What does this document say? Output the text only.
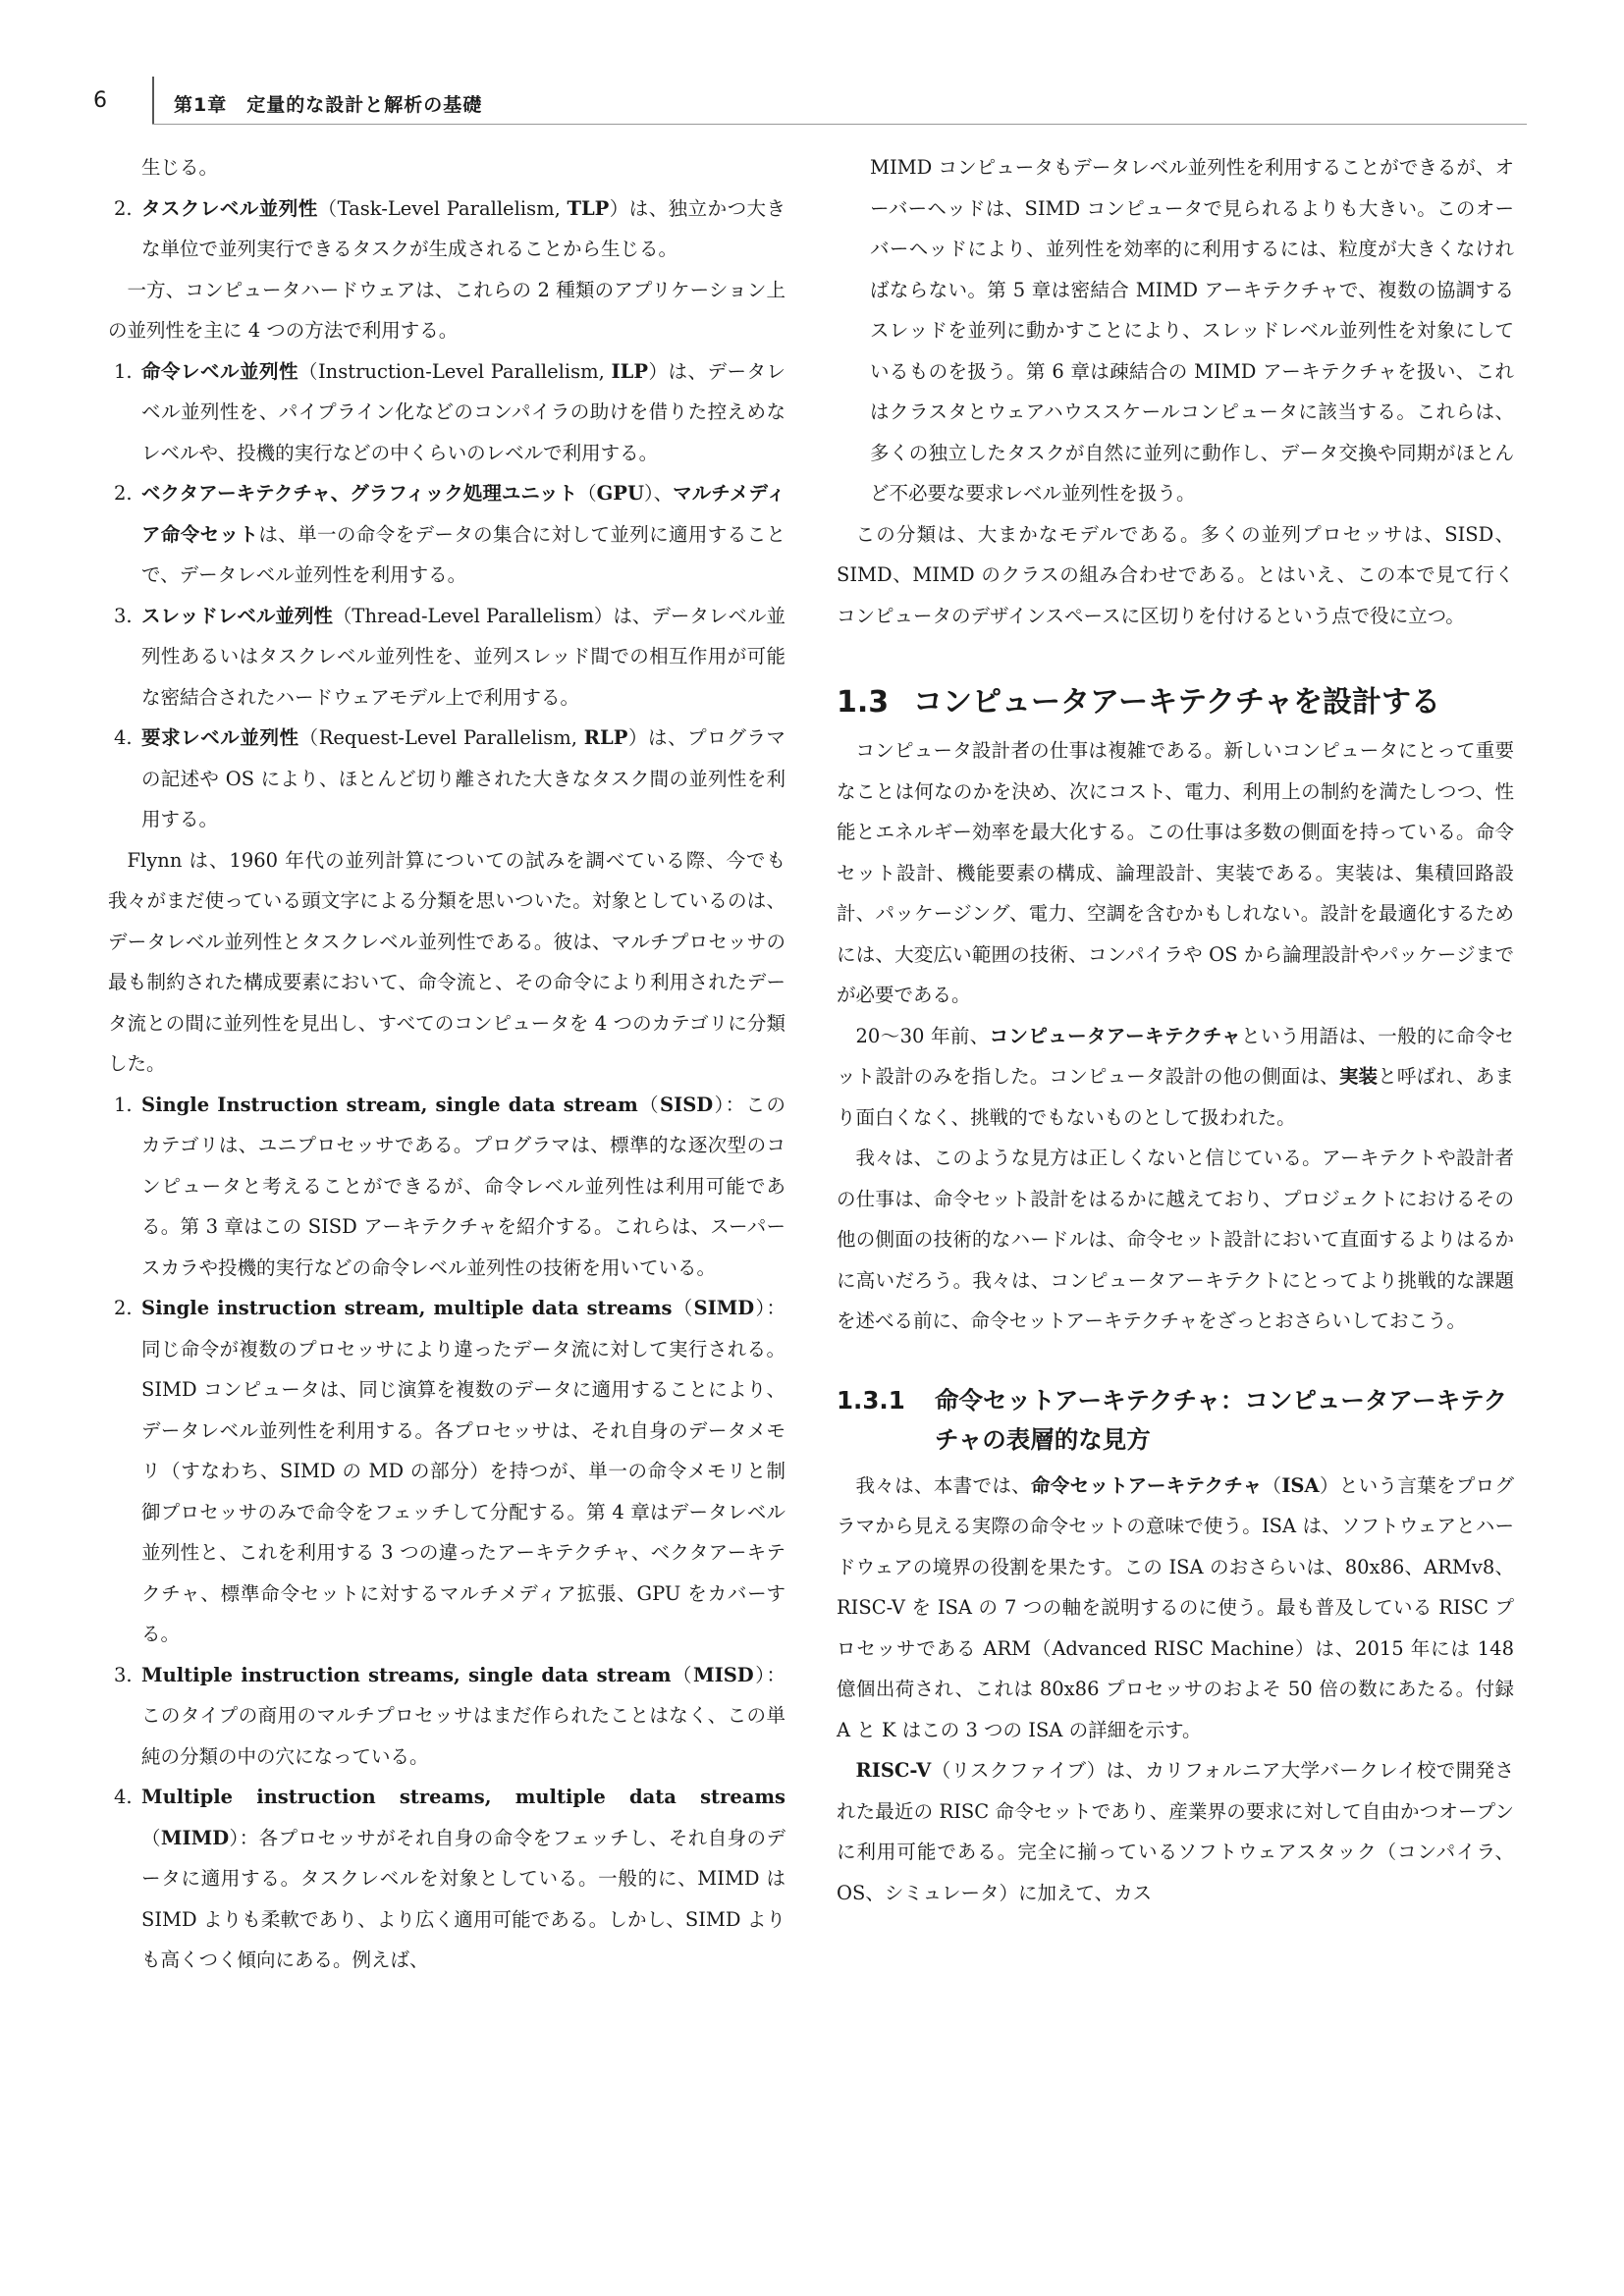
6	第1章　定量的な設計と解析の基礎

生じる。

2. タスクレベル並列性（Task-Level Parallelism, TLP）は、独立かつ大きな単位で並列実行できるタスクが生成されることから生じる。

一方、コンピュータハードウェアは、これらの 2 種類のアプリケーション上の並列性を主に 4 つの方法で利用する。

1. 命令レベル並列性（Instruction-Level Parallelism, ILP）は、データレベル並列性を、パイプライン化などのコンパイラの助けを借りた控えめなレベルや、投機的実行などの中くらいのレベルで利用する。
2. ベクタアーキテクチャ、グラフィック処理ユニット（GPU）、マルチメディア命令セットは、単一の命令をデータの集合に対して並列に適用することで、データレベル並列性を利用する。
3. スレッドレベル並列性（Thread-Level Parallelism）は、データレベル並列性あるいはタスクレベル並列性を、並列スレッド間での相互作用が可能な密結合されたハードウェアモデル上で利用する。
4. 要求レベル並列性（Request-Level Parallelism, RLP）は、プログラマの記述や OS により、ほとんど切り離された大きなタスク間の並列性を利用する。

Flynn は、1960 年代の並列計算についての試みを調べている際、今でも我々がまだ使っている頭文字による分類を思いついた。対象としているのは、データレベル並列性とタスクレベル並列性である。彼は、マルチプロセッサの最も制約された構成要素において、命令流と、その命令により利用されたデータ流との間に並列性を見出し、すべてのコンピュータを 4 つのカテゴリに分類した。

1. Single Instruction stream, single data stream（SISD）：このカテゴリは、ユニプロセッサである。プログラマは、標準的な逐次型のコンピュータと考えることができるが、命令レベル並列性は利用可能である。第 3 章はこの SISD アーキテクチャを紹介する。これらは、スーパースカラや投機的実行などの命令レベル並列性の技術を用いている。
2. Single instruction stream, multiple data streams（SIMD）：同じ命令が複数のプロセッサにより違ったデータ流に対して実行される。SIMD コンピュータは、同じ演算を複数のデータに適用することにより、データレベル並列性を利用する。各プロセッサは、それ自身のデータメモリ（すなわち、SIMD の MD の部分）を持つが、単一の命令メモリと制御プロセッサのみで命令をフェッチして分配する。第 4 章はデータレベル並列性と、これを利用する 3 つの違ったアーキテクチャ、ベクタアーキテクチャ、標準命令セットに対するマルチメディア拡張、GPU をカバーする。
3. Multiple instruction streams, single data stream（MISD）：このタイプの商用のマルチプロセッサはまだ作られたことはなく、この単純の分類の中の穴になっている。
4. Multiple instruction streams, multiple data streams（MIMD）：各プロセッサがそれ自身の命令をフェッチし、それ自身のデータに適用する。タスクレベルを対象としている。一般的に、MIMD は SIMD よりも柔軟であり、より広く適用可能である。しかし、SIMD よりも高くつく傾向にある。例えば、

MIMD コンピュータもデータレベル並列性を利用することができるが、オーバーヘッドは、SIMD コンピュータで見られるよりも大きい。このオーバーヘッドにより、並列性を効率的に利用するには、粒度が大きくなければならない。第 5 章は密結合 MIMD アーキテクチャで、複数の協調するスレッドを並列に動かすことにより、スレッドレベル並列性を対象にしているものを扱う。第 6 章は疎結合の MIMD アーキテクチャを扱い、これはクラスタとウェアハウススケールコンピュータに該当する。これらは、多くの独立したタスクが自然に並列に動作し、データ交換や同期がほとんど不必要な要求レベル並列性を扱う。

この分類は、大まかなモデルである。多くの並列プロセッサは、SISD、SIMD、MIMD のクラスの組み合わせである。とはいえ、この本で見て行くコンピュータのデザインスペースに区切りを付けるという点で役に立つ。

1.3 コンピュータアーキテクチャを設計する

コンピュータ設計者の仕事は複雑である。新しいコンピュータにとって重要なことは何なのかを決め、次にコスト、電力、利用上の制約を満たしつつ、性能とエネルギー効率を最大化する。この仕事は多数の側面を持っている。命令セット設計、機能要素の構成、論理設計、実装である。実装は、集積回路設計、パッケージング、電力、空調を含むかもしれない。設計を最適化するためには、大変広い範囲の技術、コンパイラや OS から論理設計やパッケージまでが必要である。

20〜30 年前、コンピュータアーキテクチャという用語は、一般的に命令セット設計のみを指した。コンピュータ設計の他の側面は、実装と呼ばれ、あまり面白くなく、挑戦的でもないものとして扱われた。

我々は、このような見方は正しくないと信じている。アーキテクトや設計者の仕事は、命令セット設計をはるかに越えており、プロジェクトにおけるその他の側面の技術的なハードルは、命令セット設計において直面するよりはるかに高いだろう。我々は、コンピュータアーキテクトにとってより挑戦的な課題を述べる前に、命令セットアーキテクチャをざっとおさらいしておこう。

1.3.1	命令セットアーキテクチャ：コンピュータアーキテクチャの表層的な見方

我々は、本書では、命令セットアーキテクチャ（ISA）という言葉をプログラマから見える実際の命令セットの意味で使う。ISA は、ソフトウェアとハードウェアの境界の役割を果たす。この ISA のおさらいは、80x86、ARMv8、RISC-V を ISA の 7 つの軸を説明するのに使う。最も普及している RISC プロセッサである ARM（Advanced RISC Machine）は、2015 年には 148 億個出荷され、これは 80x86 プロセッサのおよそ 50 倍の数にあたる。付録 A と K はこの 3 つの ISA の詳細を示す。

RISC-V（リスクファイブ）は、カリフォルニア大学バークレイ校で開発された最近の RISC 命令セットであり、産業界の要求に対して自由かつオープンに利用可能である。完全に揃っているソフトウェアスタック（コンパイラ、OS、シミュレータ）に加えて、カス
